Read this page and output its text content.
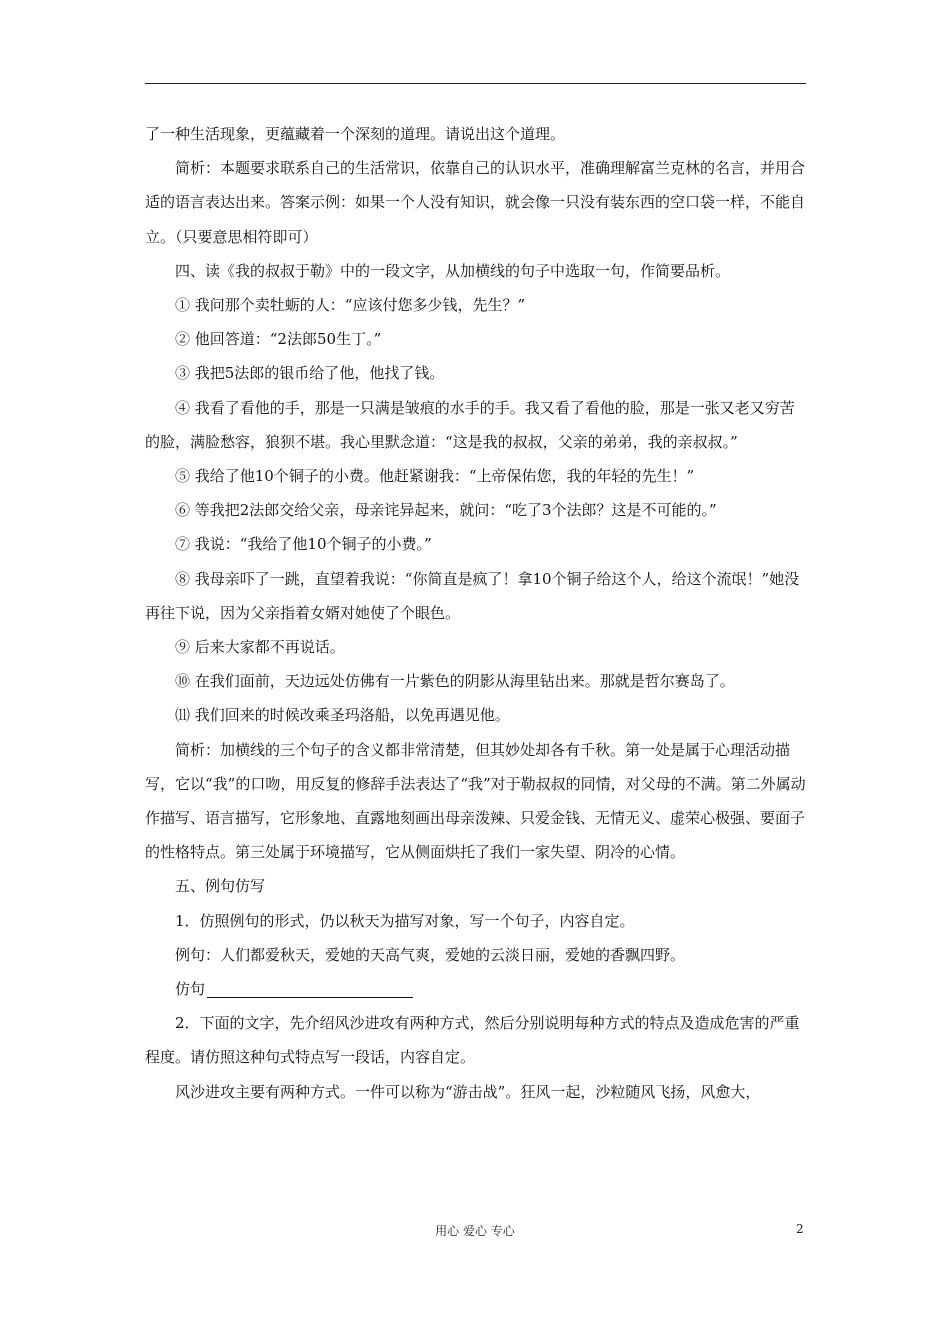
了一种生活现象，更蕴藏着一个深刻的道理。请说出这个道理。

简析：本题要求联系自己的生活常识，依靠自己的认识水平，准确理解富兰克林的名言，并用合适的语言表达出来。答案示例：如果一个人没有知识，就会像一只没有装东西的空口袋一样，不能自立。（只要意思相符即可）

四、读《我的叔叔于勒》中的一段文字，从加横线的句子中选取一句，作简要品析。

① 我问那个卖牡蛎的人：“应该付您多少钱，先生？”

② 他回答道：“2法郎50生丁。”

③ 我把5法郎的银币给了他，他找了钱。

④ 我看了看他的手，那是一只满是皱痕的水手的手。我又看了看他的脸，那是一张又老又穷苦的脸，满脸愁容，狼狈不堪。我心里默念道：“这是我的叔叔，父亲的弟弟，我的亲叔叔。”

⑤ 我给了他10个铜子的小费。他赶紧谢我：“上帝保佑您，我的年轻的先生！”

⑥ 等我把2法郎交给父亲，母亲诧异起来，就问：“吃了3个法郎？这是不可能的。”

⑦ 我说：“我给了他10个铜子的小费。”

⑧ 我母亲吓了一跳，直望着我说：“你简直是疯了！拿10个铜子给这个人，给这个流氓！”她没再往下说，因为父亲指着女婿对她使了个眼色。

⑨ 后来大家都不再说话。

⑩ 在我们面前，天边远处仿佛有一片紫色的阴影从海里钻出来。那就是哲尔赛岛了。

⑾ 我们回来的时候改乘圣玛洛船，以免再遇见他。

简析：加横线的三个句子的含义都非常清楚，但其妙处却各有千秋。第一处是属于心理活动描写，它以“我”的口吻，用反复的修辞手法表达了“我”对于勒叔叔的同情，对父母的不满。第二外属动作描写、语言描写，它形象地、直露地刻画出母亲泼辣、只爱金钱、无情无义、虚荣心极强、要面子的性格特点。第三处属于环境描写，它从侧面烘托了我们一家失望、阴冷的心情。

五、例句仿写

1．仿照例句的形式，仍以秋天为描写对象，写一个句子，内容自定。

例句：人们都爱秋天，爱她的天高气爽，爱她的云淡日丽，爱她的香飘四野。

仿句

2．下面的文字，先介绍风沙进攻有两种方式，然后分别说明每种方式的特点及造成危害的严重程度。请仿照这种句式特点写一段话，内容自定。

风沙进攻主要有两种方式。一件可以称为“游击战”。狂风一起，沙粒随风飞扬，风愈大，

用心 爱心 专心	2
